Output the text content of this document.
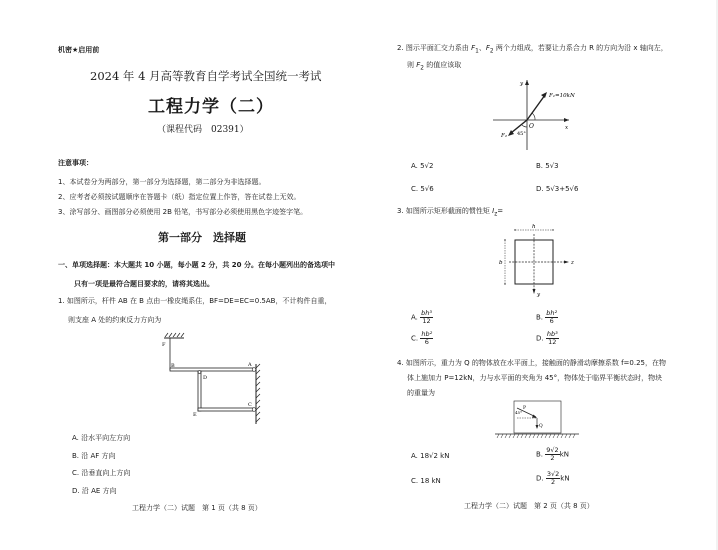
机密★启用前
2024 年 4 月高等教育自学考试全国统一考试
工程力学（二）
（课程代码　02391）
注意事项：
1、本试卷分为两部分，第一部分为选择题，第二部分为非选择题。
2、应考者必须按试题顺序在答题卡（纸）指定位置上作答，答在试卷上无效。
3、涂写部分、画图部分必须使用 2B 铅笔，书写部分必须使用黑色字迹签字笔。
第一部分　选择题
一、单项选择题：本大题共 10 小题，每小题 2 分，共 20 分。在每小题列出的备选项中
只有一项是最符合题目要求的，请将其选出。
1. 如图所示，杆件 AB 在 B 点由一橡皮绳系住，BF=DE=EC=0.5AB，不计构件自重，
则支座 A 处的约束反力方向为
F
B	A
D
E
C
A. 沿水平向左方向
B. 沿 AF 方向
C. 沿垂直向上方向
D. 沿 AE 方向
工程力学（二）试题　第 1 页（共 8 页）
2. 图示平面汇交力系由 $F_1$、$F_2$ 两个力组成，若要让力系合力 R 的方向为沿 x 轴向左，
则 $F_2$ 的值应该取
y
x
O
F₁=10kN
F₂ 45°
A. 5√2	B. 5√3
C. 5√6	D. 5√3+5√6
3. 如图所示矩形截面的惯性矩 $I_z=$
h
b	z
y
A. $\frac{\text{bh³}}{12}$	B. $\frac{\text{bh²}}{6}$
C. $\frac{\text{hb²}}{6}$	D. $\frac{\text{hb³}}{12}$
4. 如图所示，重力为 Q 的物体放在水平面上，接触面的静滑动摩擦系数 f=0.25，在物
体上施加力 P=12kN，力与水平面的夹角为 45°，物体处于临界平衡状态时，物块
的重量为
P
Q
45°
A. 18√2 kN	B. $\frac{9√2}{2}$ kN
C. 18 kN	D. $\frac{3√2}{2}$ kN
工程力学（二）试题　第 2 页（共 8 页）
